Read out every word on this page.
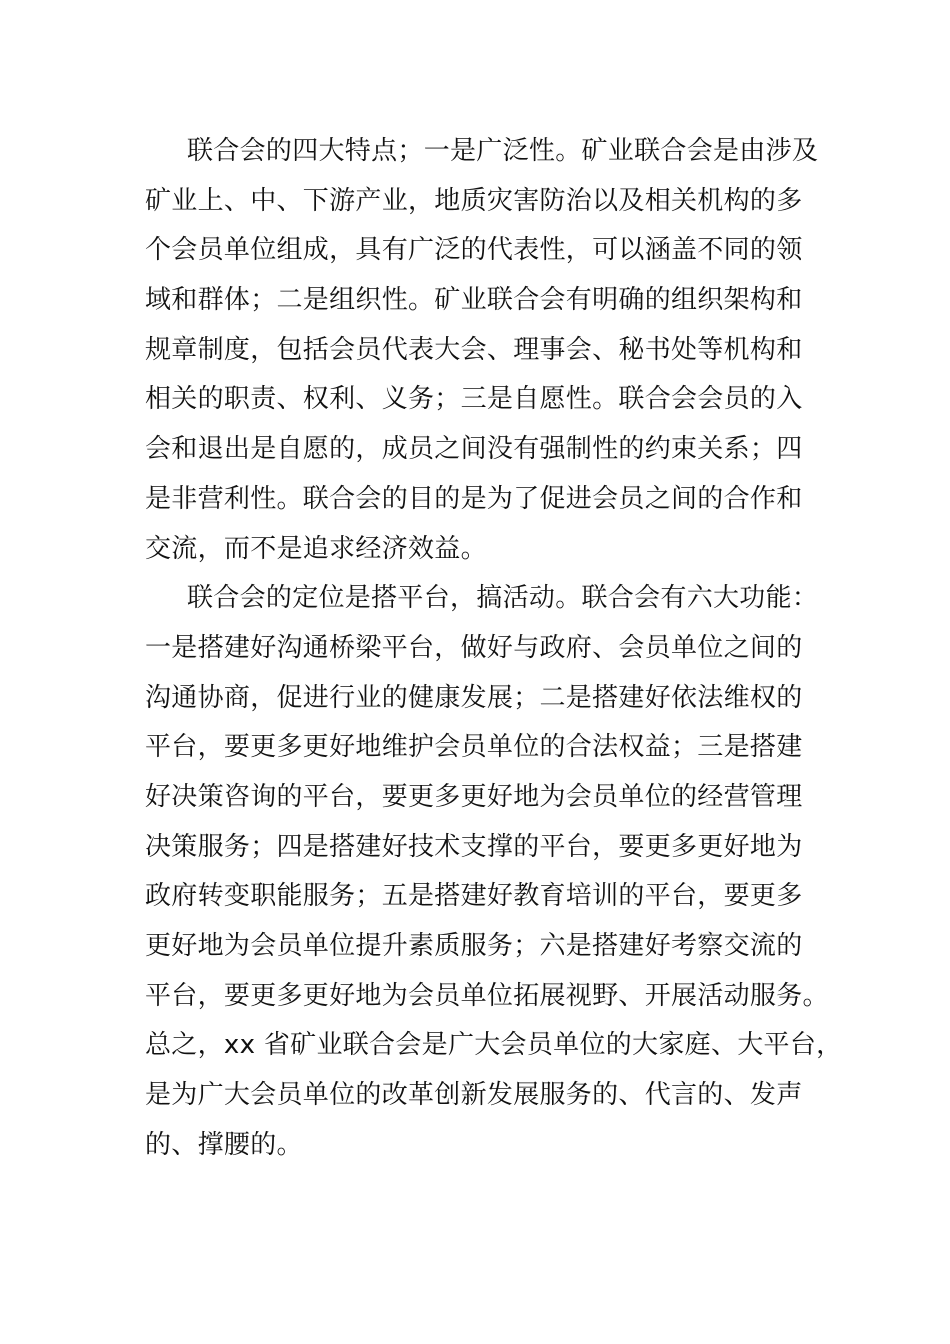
联合会的四大特点；一是广泛性。矿业联合会是由涉及
矿业上、中、下游产业，地质灾害防治以及相关机构的多
个会员单位组成，具有广泛的代表性，可以涵盖不同的领
域和群体；二是组织性。矿业联合会有明确的组织架构和
规章制度，包括会员代表大会、理事会、秘书处等机构和
相关的职责、权利、义务；三是自愿性。联合会会员的入
会和退出是自愿的，成员之间没有强制性的约束关系；四
是非营利性。联合会的目的是为了促进会员之间的合作和
交流，而不是追求经济效益。
联合会的定位是搭平台，搞活动。联合会有六大功能：
一是搭建好沟通桥梁平台，做好与政府、会员单位之间的
沟通协商，促进行业的健康发展；二是搭建好依法维权的
平台，要更多更好地维护会员单位的合法权益；三是搭建
好决策咨询的平台，要更多更好地为会员单位的经营管理
决策服务；四是搭建好技术支撑的平台，要更多更好地为
政府转变职能服务；五是搭建好教育培训的平台，要更多
更好地为会员单位提升素质服务；六是搭建好考察交流的
平台，要更多更好地为会员单位拓展视野、开展活动服务。
总之，xx 省矿业联合会是广大会员单位的大家庭、大平台，
是为广大会员单位的改革创新发展服务的、代言的、发声
的、撑腰的。
